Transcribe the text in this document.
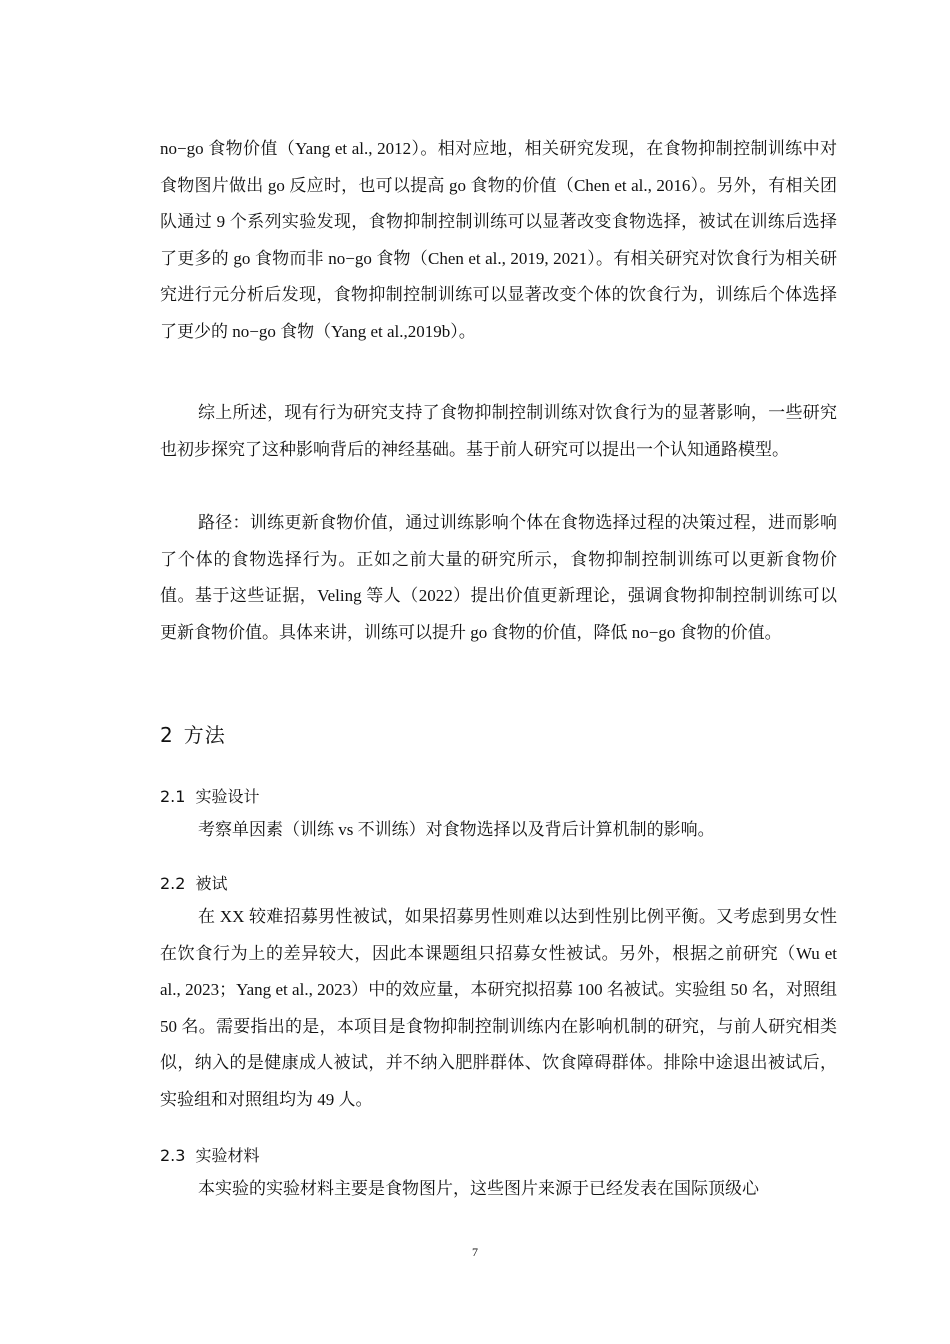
no−go 食物价值（Yang et al., 2012）。相对应地，相关研究发现，在食物抑制控制训练中对食物图片做出 go 反应时，也可以提高 go 食物的价值（Chen et al., 2016）。另外，有相关团队通过 9 个系列实验发现，食物抑制控制训练可以显著改变食物选择，被试在训练后选择了更多的 go 食物而非 no−go 食物（Chen et al., 2019, 2021）。有相关研究对饮食行为相关研究进行元分析后发现，食物抑制控制训练可以显著改变个体的饮食行为，训练后个体选择了更少的 no−go 食物（Yang et al.,2019b）。

综上所述，现有行为研究支持了食物抑制控制训练对饮食行为的显著影响，一些研究也初步探究了这种影响背后的神经基础。基于前人研究可以提出一个认知通路模型。

路径：训练更新食物价值，通过训练影响个体在食物选择过程的决策过程，进而影响了个体的食物选择行为。正如之前大量的研究所示，食物抑制控制训练可以更新食物价值。基于这些证据，Veling 等人（2022）提出价值更新理论，强调食物抑制控制训练可以更新食物价值。具体来讲，训练可以提升 go 食物的价值，降低 no−go 食物的价值。

2 方法
2.1 实验设计

考察单因素（训练 vs 不训练）对食物选择以及背后计算机制的影响。

2.2 被试

在 XX 较难招募男性被试，如果招募男性则难以达到性别比例平衡。又考虑到男女性在饮食行为上的差异较大，因此本课题组只招募女性被试。另外，根据之前研究（Wu et al., 2023；Yang et al., 2023）中的效应量，本研究拟招募 100 名被试。实验组 50 名，对照组 50 名。需要指出的是，本项目是食物抑制控制训练内在影响机制的研究，与前人研究相类似，纳入的是健康成人被试，并不纳入肥胖群体、饮食障碍群体。排除中途退出被试后，实验组和对照组均为 49 人。

2.3 实验材料

本实验的实验材料主要是食物图片，这些图片来源于已经发表在国际顶级心

7
